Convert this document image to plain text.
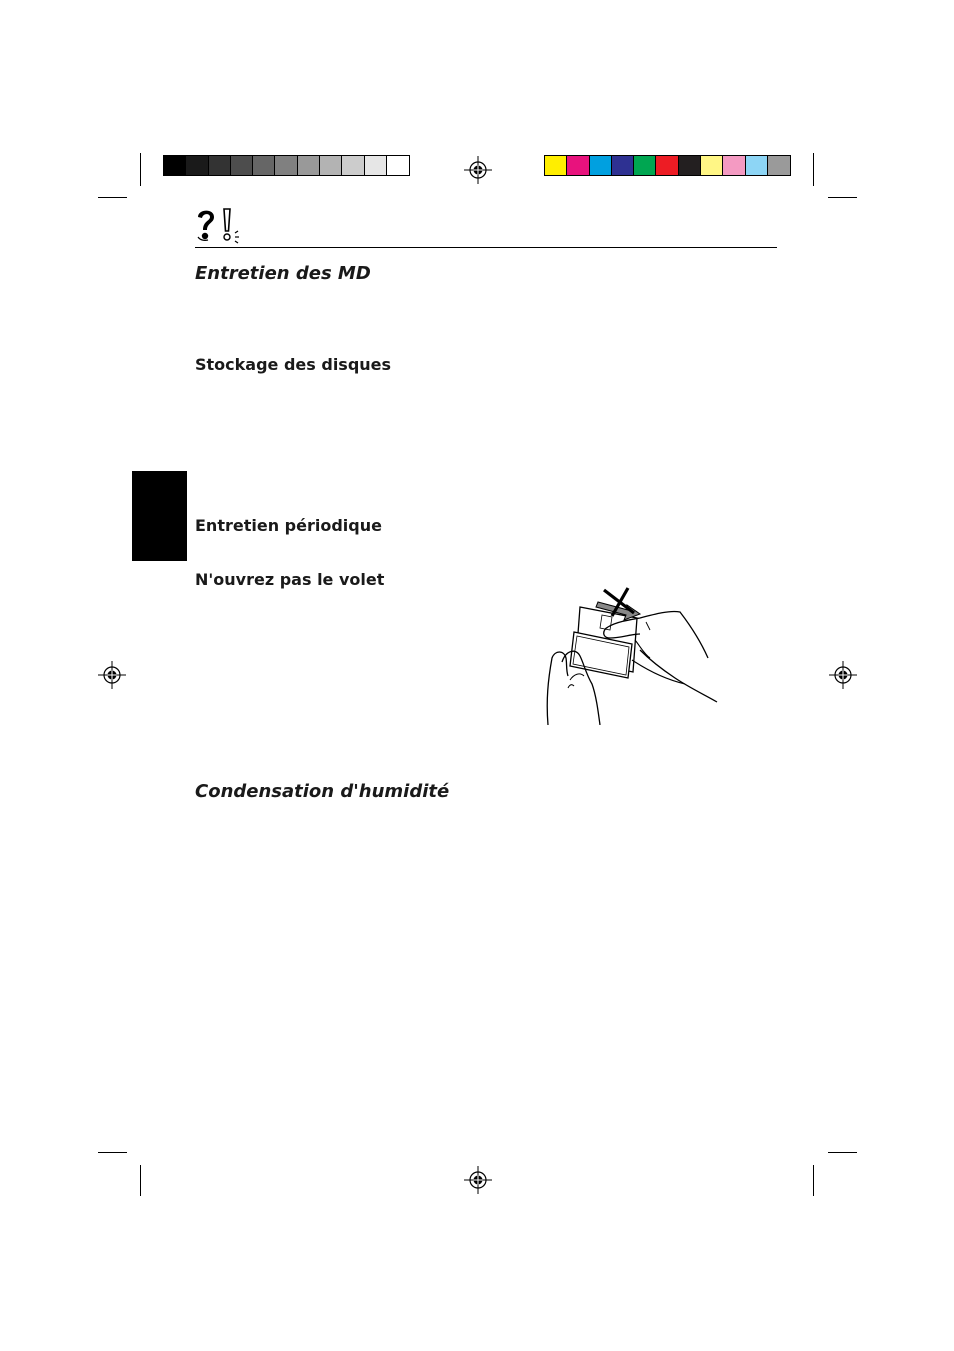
Entretien des MD
Stockage des disques
Entretien périodique
N'ouvrez pas le volet
Condensation d'humidité
